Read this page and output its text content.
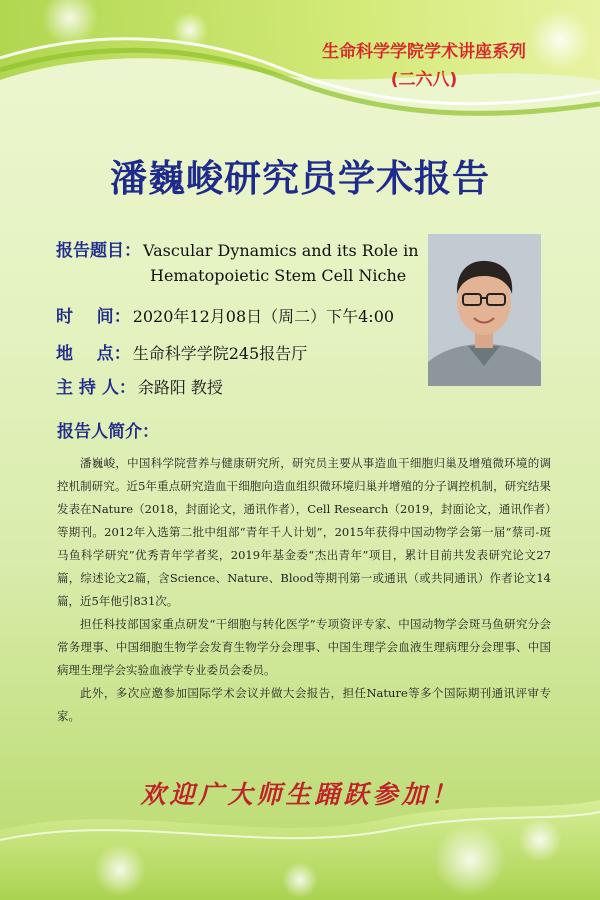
生命科学学院学术讲座系列
(二六八)
潘巍峻研究员学术报告
报告题目 ： Vascular Dynamics and its Role in
Hematopoietic Stem Cell Niche
时    间 ： 2020年12月08日（周二）下午4:00
地    点 ： 生命科学学院245报告厅
主 持 人 ： 余路阳 教授
报告人简介：

潘巍峻，中国科学院营养与健康研究所，研究员主要从事造血干细胞归巢及增殖微环境的调控机制研究。近5年重点研究造血干细胞向造血组织微环境归巢并增殖的分子调控机制，研究结果发表在Nature（2018，封面论文，通讯作者），Cell Research（2019，封面论文，通讯作者）等期刊。2012年入选第二批中组部“青年千人计划”，2015年获得中国动物学会第一届“蔡司-斑马鱼科学研究”优秀青年学者奖，2019年基金委“杰出青年”项目，累计目前共发表研究论文27篇，综述论文2篇，含Science、Nature、Blood等期刊第一或通讯（或共同通讯）作者论文14篇，近5年他引831次。

担任科技部国家重点研发“干细胞与转化医学”专项资评专家、中国动物学会斑马鱼研究分会常务理事、中国细胞生物学会发育生物学分会理事、中国生理学会血液生理病理分会理事、中国病理生理学会实验血液学专业委员会委员。

此外，多次应邀参加国际学术会议并做大会报告，担任Nature等多个国际期刊通讯评审专家。

欢迎广大师生踊跃参加！
